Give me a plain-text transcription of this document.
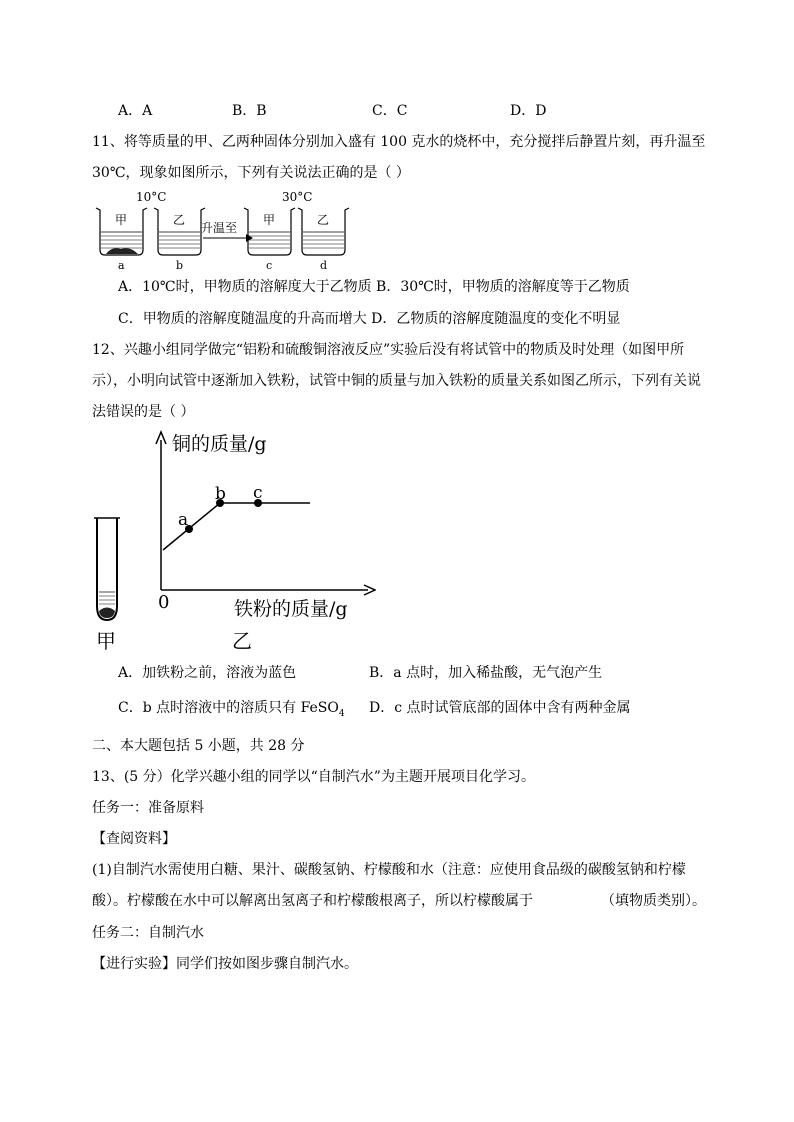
A．A	B．B	C．C	D．D
11、将等质量的甲、乙两种固体分别加入盛有 100 克水的烧杯中，充分搅拌后静置片刻，再升温至
30℃，现象如图所示，下列有关说法正确的是（ ）
10°C	30°C
甲
a
乙
b
升温至
甲
c
乙
d
A．10℃时，甲物质的溶解度大于乙物质 B．30℃时，甲物质的溶解度等于乙物质
C．甲物质的溶解度随温度的升高而增大 D．乙物质的溶解度随温度的变化不明显
12、兴趣小组同学做完“铝粉和硫酸铜溶液反应”实验后没有将试管中的物质及时处理（如图甲所
示），小明向试管中逐渐加入铁粉，试管中铜的质量与加入铁粉的质量关系如图乙所示，下列有关说
法错误的是（ ）
甲
铜的质量/g
铁粉的质量/g
0
a
b c
乙
A．加铁粉之前，溶液为蓝色	B．a 点时，加入稀盐酸，无气泡产生
C．b 点时溶液中的溶质只有 FeSO$_4$ D．c 点时试管底部的固体中含有两种金属
二、本大题包括 5 小题，共 28 分
13、(5 分）化学兴趣小组的同学以“自制汽水”为主题开展项目化学习。
任务一：准备原料
【查阅资料】
(1)自制汽水需使用白糖、果汁、碳酸氢钠、柠檬酸和水（注意：应使用食品级的碳酸氢钠和柠檬
酸）。柠檬酸在水中可以解离出氢离子和柠檬酸根离子，所以柠檬酸属于	（填物质类别）。
任务二：自制汽水
【进行实验】同学们按如图步骤自制汽水。
